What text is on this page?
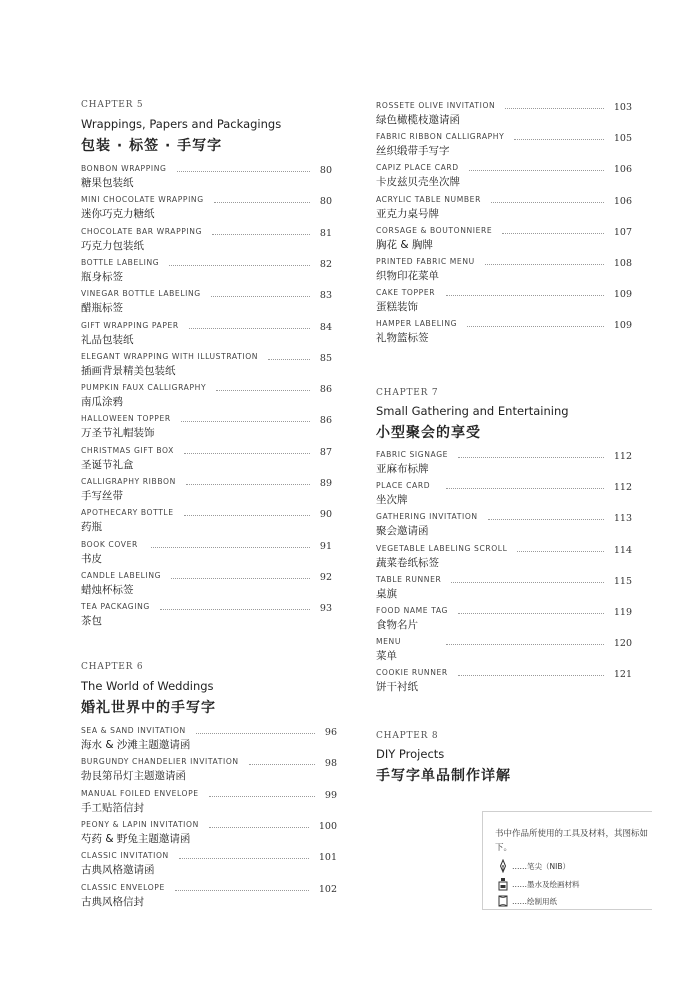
CHAPTER 5
Wrappings, Papers and Packagings
包装 · 标签 · 手写字
BONBON WRAPPING
糖果包装纸
80
MINI CHOCOLATE WRAPPING
迷你巧克力糖纸
80
CHOCOLATE BAR WRAPPING
巧克力包装纸
81
BOTTLE LABELING
瓶身标签
82
VINEGAR BOTTLE LABELING
醋瓶标签
83
GIFT WRAPPING PAPER
礼品包装纸
84
ELEGANT WRAPPING WITH ILLUSTRATION
插画背景精美包装纸
85
PUMPKIN FAUX CALLIGRAPHY
南瓜涂鸦
86
HALLOWEEN TOPPER
万圣节礼帽装饰
86
CHRISTMAS GIFT BOX
圣诞节礼盒
87
CALLIGRAPHY RIBBON
手写丝带
89
APOTHECARY BOTTLE
药瓶
90
BOOK COVER
书皮
91
CANDLE LABELING
蜡烛杯标签
92
TEA PACKAGING
茶包
93
CHAPTER 6
The World of Weddings
婚礼世界中的手写字
SEA & SAND INVITATION
海水 & 沙滩主题邀请函
96
BURGUNDY CHANDELIER INVITATION
勃艮第吊灯主题邀请函
98
MANUAL FOILED ENVELOPE
手工贴箔信封
99
PEONY & LAPIN INVITATION
芍药 & 野兔主题邀请函
100
CLASSIC INVITATION
古典风格邀请函
101
CLASSIC ENVELOPE
古典风格信封
102
ROSSETE OLIVE INVITATION
绿色橄榄枝邀请函
103
FABRIC RIBBON CALLIGRAPHY
丝织缎带手写字
105
CAPIZ PLACE CARD
卡皮兹贝壳坐次牌
106
ACRYLIC TABLE NUMBER
亚克力桌号牌
106
CORSAGE & BOUTONNIERE
胸花 & 胸牌
107
PRINTED FABRIC MENU
织物印花菜单
108
CAKE TOPPER
蛋糕装饰
109
HAMPER LABELING
礼物篮标签
109
CHAPTER 7
Small Gathering and Entertaining
小型聚会的享受
FABRIC SIGNAGE
亚麻布标牌
112
PLACE CARD
坐次牌
112
GATHERING INVITATION
聚会邀请函
113
VEGETABLE LABELING SCROLL
蔬菜卷纸标签
114
TABLE RUNNER
桌旗
115
FOOD NAME TAG
食物名片
119
MENU
菜单
120
COOKIE RUNNER
饼干衬纸
121
CHAPTER 8
DIY Projects
手写字单品制作详解
书中作品所使用的工具及材料，其图标如下。
……笔尖（NIB）
……墨水及绘画材料
……绘制用纸
